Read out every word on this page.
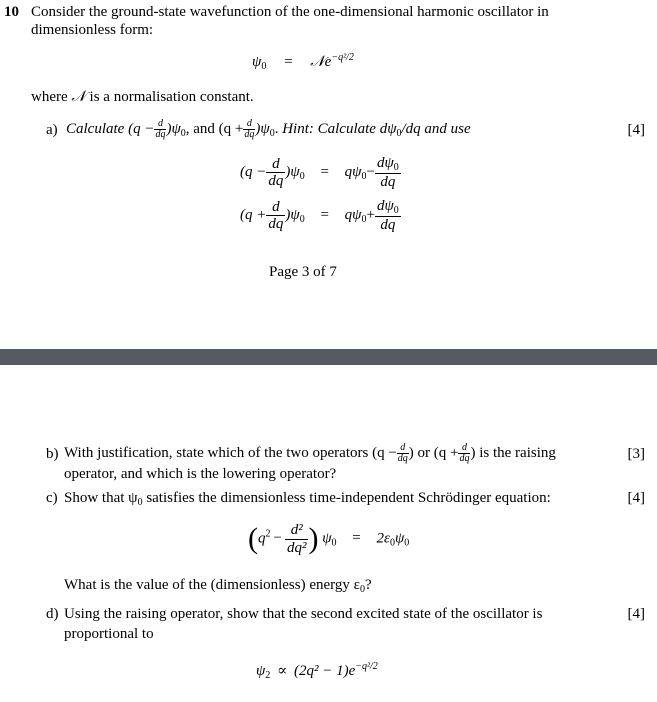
10 Consider the ground-state wavefunction of the one-dimensional harmonic oscillator in
dimensionless form:
$\psi_0$ = 𝒩e$^{-q^2/2}$
where 𝒩 is a normalisation constant.
a) Calculate $(q - \frac{d}{dq} )\psi_0$, and $(q + \frac{d}{dq} )\psi_0$. Hint: Calculate $d\psi_0/dq$ and use	[4]
$(q - \frac{d}{dq} )\psi_0 = q\psi_0- \frac{d\psi_0}{dq}$
$(q + \frac{d}{dq} )\psi_0 = q\psi_0+ \frac{d\psi_0}{dq}$
Page 3 of 7
b) With justification, state which of the two operators ($q - \frac{d}{dq}$ ) or ($q + \frac{d}{dq}$ ) is the raising	[3]
operator, and which is the lowering operator?
c) Show that $\psi_0$ satisfies the dimensionless time-independent Schrödinger equation:	[4]
($q^2 - \frac{\text{d²}}{\text{dq²}}$ ) $\psi_0 = 2\varepsilon_0\psi_0$
What is the value of the (dimensionless) energy $\varepsilon_0$?
d) Using the raising operator, show that the second excited state of the oscillator is	[4]
proportional to
$\psi_2 \propto (2q^2 - 1)e^{-q^2/2}$
